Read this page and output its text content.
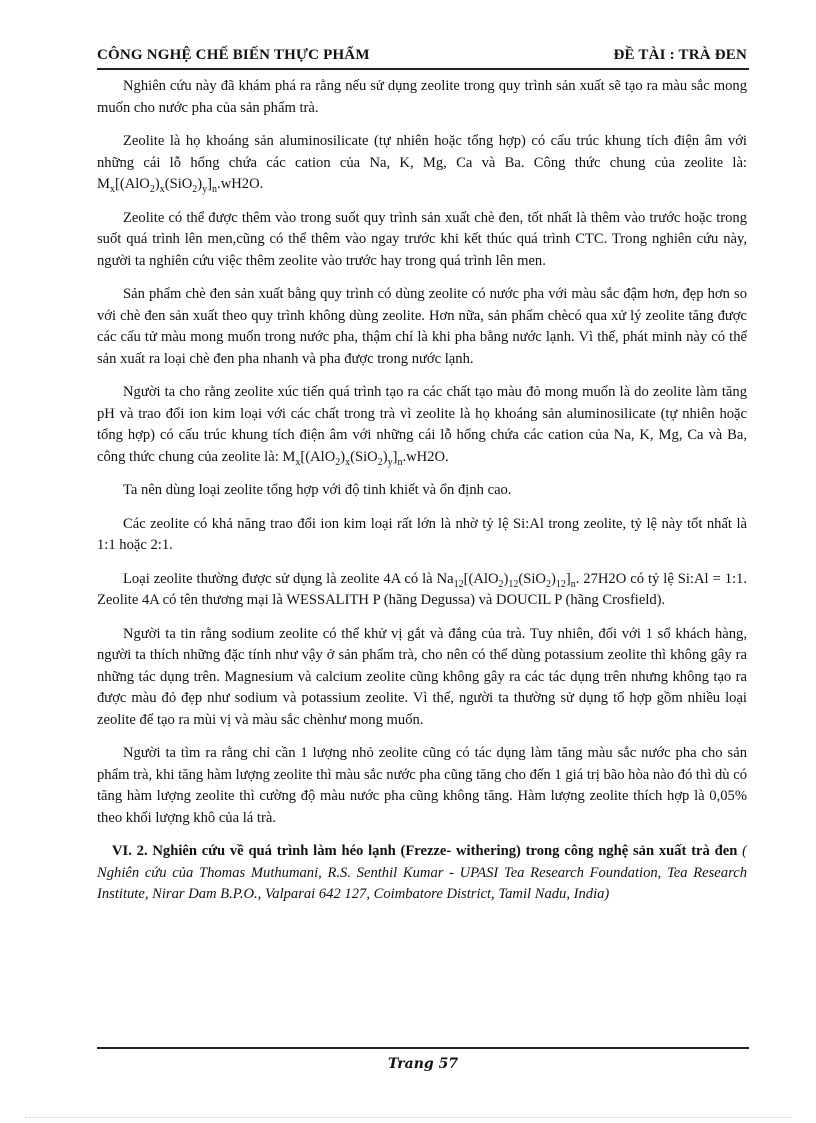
CÔNG NGHỆ CHẾ BIẾN THỰC PHẨM	ĐỀ TÀI : TRÀ ĐEN

Nghiên cứu này đã khám phá ra rằng nếu sử dụng zeolite trong quy trình sản xuất sẽ tạo ra màu sắc mong muốn cho nước pha của sản phẩm trà.

Zeolite là họ khoáng sản aluminosilicate (tự nhiên hoặc tổng hợp) có cấu trúc khung tích điện âm với những cái lỗ hổng chứa các cation của Na, K, Mg, Ca và Ba. Công thức chung của zeolite là: $M_x[(AlO_2)_x(SiO_2)_y]_n.wH2O$.

Zeolite có thể được thêm vào trong suốt quy trình sản xuất chè đen, tốt nhất là thêm vào trước hoặc trong suốt quá trình lên men,cũng có thể thêm vào ngay trước khi kết thúc quá trình CTC. Trong nghiên cứu này, người ta nghiên cứu việc thêm zeolite vào trước hay trong quá trình lên men.

Sản phẩm chè đen sản xuất bằng quy trình có dùng zeolite có nước pha với màu sắc đậm hơn, đẹp hơn so với chè đen sản xuất theo quy trình không dùng zeolite. Hơn nữa, sản phẩm chècó qua xử lý zeolite tăng được các cấu tử màu mong muốn trong nước pha, thậm chí là khi pha bằng nước lạnh. Vì thế, phát minh này có thể sản xuất ra loại chè đen pha nhanh và pha được trong nước lạnh.

Người ta cho rằng zeolite xúc tiến quá trình tạo ra các chất tạo màu đỏ mong muốn là do zeolite làm tăng pH và trao đổi ion kim loại với các chất trong trà vì zeolite là họ khoáng sản aluminosilicate (tự nhiên hoặc tổng hợp) có cấu trúc khung tích điện âm với những cái lỗ hổng chứa các cation của Na, K, Mg, Ca và Ba, công thức chung của zeolite là: $M_x[(AlO_2)_x(SiO_2)_y]_n.wH2O$.

Ta nên dùng loại zeolite tổng hợp với độ tinh khiết và ổn định cao.

Các zeolite có khả năng trao đổi ion kim loại rất lớn là nhờ tỷ lệ Si:Al trong zeolite, tỷ lệ này tốt nhất là 1:1 hoặc 2:1.

Loại zeolite thường được sử dụng là zeolite 4A có là $Na_{12}[(AlO_2)_{12}(SiO_2)_{12}]_n$. 27H2O có tỷ lệ Si:Al = 1:1. Zeolite 4A có tên thương mại là WESSALITH P (hãng Degussa) và DOUCIL P (hãng Crosfield).

Người ta tin rằng sodium zeolite có thể khử vị gắt và đắng của trà. Tuy nhiên, đối với 1 số khách hàng, người ta thích những đặc tính như vậy ở sản phẩm trà, cho nên có thể dùng potassium zeolite thì không gây ra những tác dụng trên. Magnesium và calcium zeolite cũng không gây ra các tác dụng trên nhưng không tạo ra được màu đỏ đẹp như sodium và potassium zeolite. Vì thế, người ta thường sử dụng tổ hợp gồm nhiều loại zeolite để tạo ra mùi vị và màu sắc chènhư mong muốn.

Người ta tìm ra rằng chỉ cần 1 lượng nhỏ zeolite cũng có tác dụng làm tăng màu sắc nước pha cho sản phẩm trà, khi tăng hàm lượng zeolite thì màu sắc nước pha cũng tăng cho đến 1 giá trị bão hòa nào đó thì dù có tăng hàm lượng zeolite thì cường độ màu nước pha cũng không tăng. Hàm lượng zeolite thích hợp là 0,05% theo khối lượng khô của lá trà.

VI. 2. Nghiên cứu về quá trình làm héo lạnh (Frezze- withering) trong công nghệ sản xuất trà đen ( Nghiên cứu của Thomas Muthumani, R.S. Senthil Kumar - UPASI Tea Research Foundation, Tea Research Institute, Nirar Dam B.P.O., Valparai 642 127, Coimbatore District, Tamil Nadu, India)

Trang 57
